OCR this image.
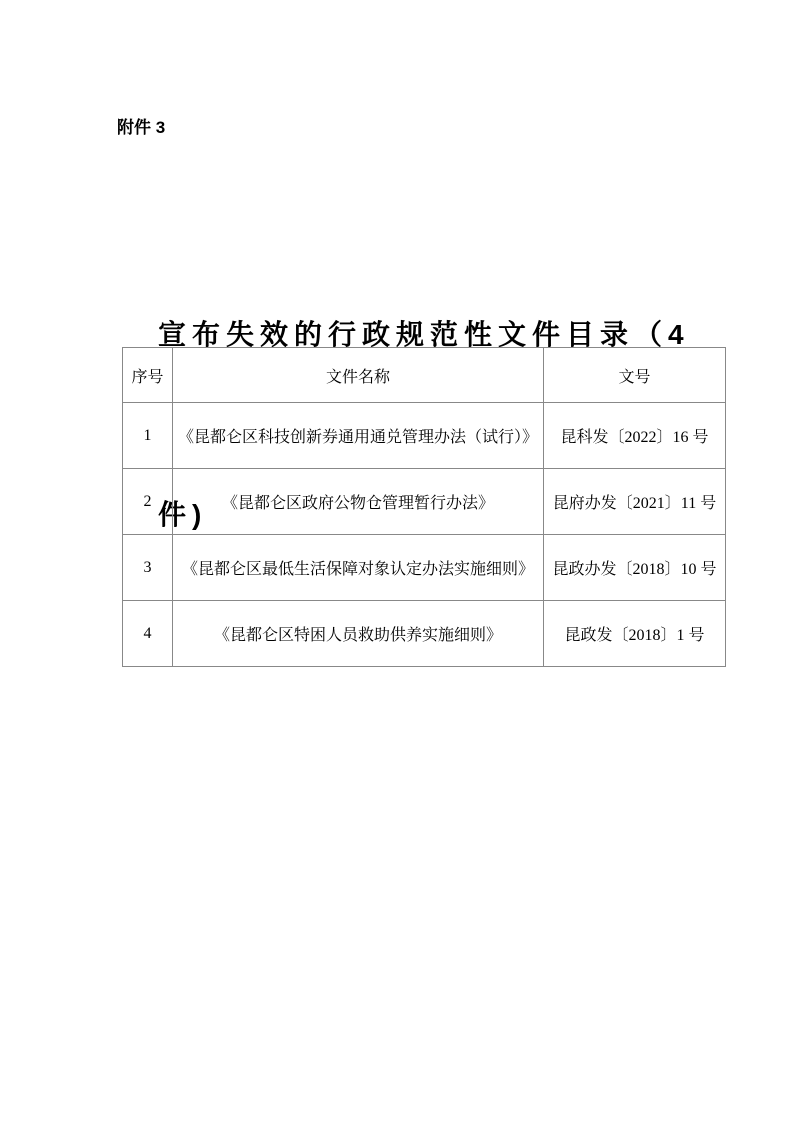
附件 3

宣布失效的行政规范性文件目录（4

件)

序号	文件名称	文号
1	《昆都仑区科技创新券通用通兑管理办法（试行）》	昆科发〔2022〕16 号
2	《昆都仑区政府公物仓管理暂行办法》	昆府办发〔2021〕11 号
3	《昆都仑区最低生活保障对象认定办法实施细则》	昆政办发〔2018〕10 号
4	《昆都仑区特困人员救助供养实施细则》	昆政发〔2018〕1 号
